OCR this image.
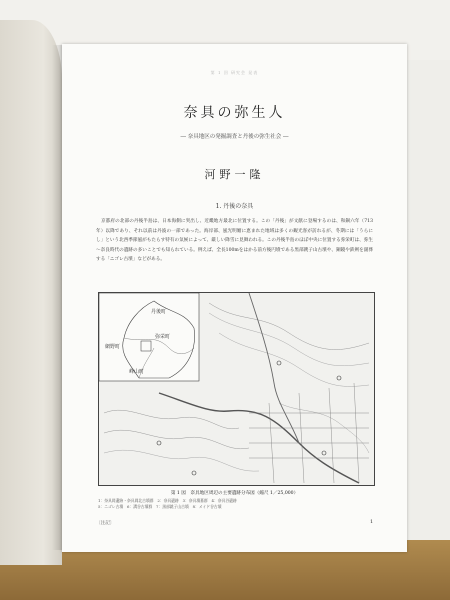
第 1 回 研究会 発表
奈具の弥生人
― 奈具地区の発掘調査と丹後の弥生社会 ―
河野一隆
1. 丹後の奈具

京都府の北部の丹後半島は、日本海側に突出し、近畿地方最北に位置する。この「丹後」が文献に登場するのは、和銅六年（713年）以降であり、それ以前は丹波の一部であった。海岸部、風光明媚に恵まれた地域は多くの観光客が訪れるが、冬期には「うらにし」という北西季節風がもたらす特有の気候によって、厳しい降雪に見舞われる。この丹後半島のほぼ中央に位置する弥栄町は、弥生～奈良時代の遺跡の多いことでも知られている。例えば、全長100mをはかる前方後円墳である黒部銚子山古墳や、銅鏡や鉄剣を副葬する「ニゴレ古墳」などがある。

丹後町
弥栄町
網野町
峰山町
第 1 図　奈具地区周辺の主要遺跡分布図（縮尺 1／25,000）
1：奈具岡遺跡・奈具岡北古墳群　2：奈具遺跡　3：奈具墳墓群　4：奈具谷遺跡
5：ニゴレ古墳　6：溝谷古墳群　7：黒部銚子山古墳　8：メイド谷古墳
〔注記〕	1
